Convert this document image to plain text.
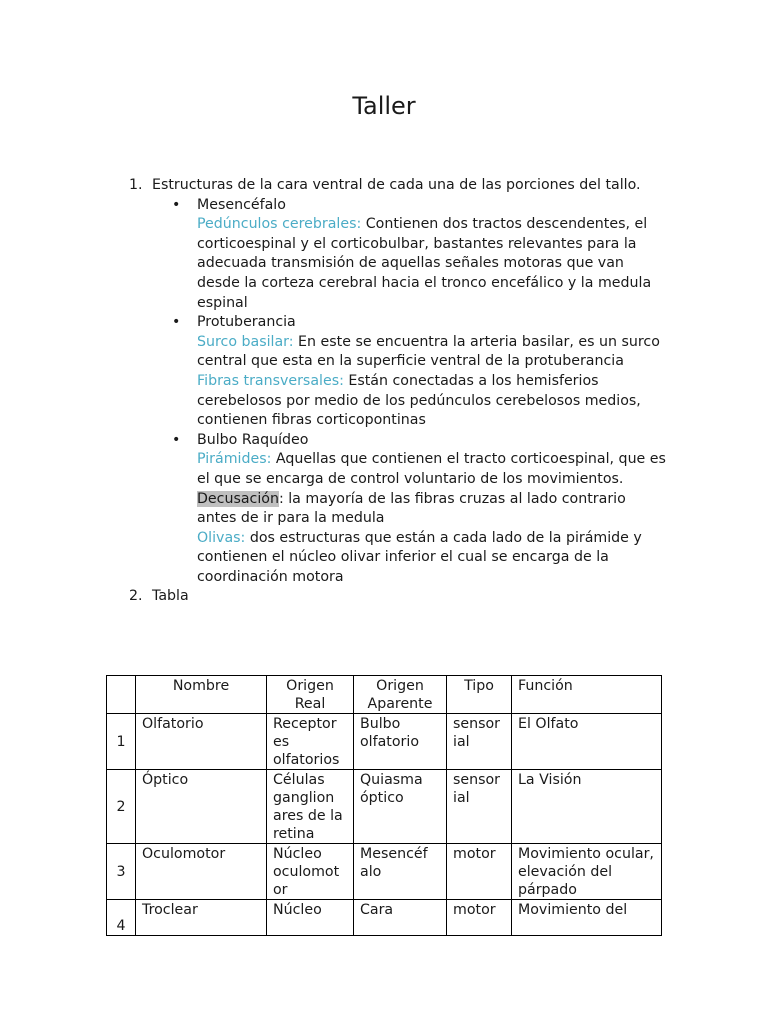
Taller
1. Estructuras de la cara ventral de cada una de las porciones del tallo.
• Mesencéfalo
Pedúnculos cerebrales: Contienen dos tractos descendentes, el corticoespinal y el corticobulbar, bastantes relevantes para la adecuada transmisión de aquellas señales motoras que van desde la corteza cerebral hacia el tronco encefálico y la medula espinal
• Protuberancia
Surco basilar: En este se encuentra la arteria basilar, es un surco central que esta en la superficie ventral de la protuberancia
Fibras transversales: Están conectadas a los hemisferios cerebelosos por medio de los pedúnculos cerebelosos medios, contienen fibras corticopontinas
• Bulbo Raquídeo
Pirámides: Aquellas que contienen el tracto corticoespinal, que es el que se encarga de control voluntario de los movimientos.
Decusación: la mayoría de las fibras cruzas al lado contrario antes de ir para la medula
Olivas: dos estructuras que están a cada lado de la pirámide y contienen el núcleo olivar inferior el cual se encarga de la coordinación motora
2. Tabla
	Nombre	Origen Real	Origen Aparente	Tipo	Función
1	Olfatorio	Receptor es olfatorios	Bulbo olfatorio	sensor ial	El Olfato
2	Óptico	Células ganglion ares de la retina	Quiasma óptico	sensor ial	La Visión
3	Oculomotor	Núcleo oculomot or	Mesencéf alo	motor	Movimiento ocular, elevación del párpado
4	Troclear	Núcleo	Cara	motor	Movimiento del
